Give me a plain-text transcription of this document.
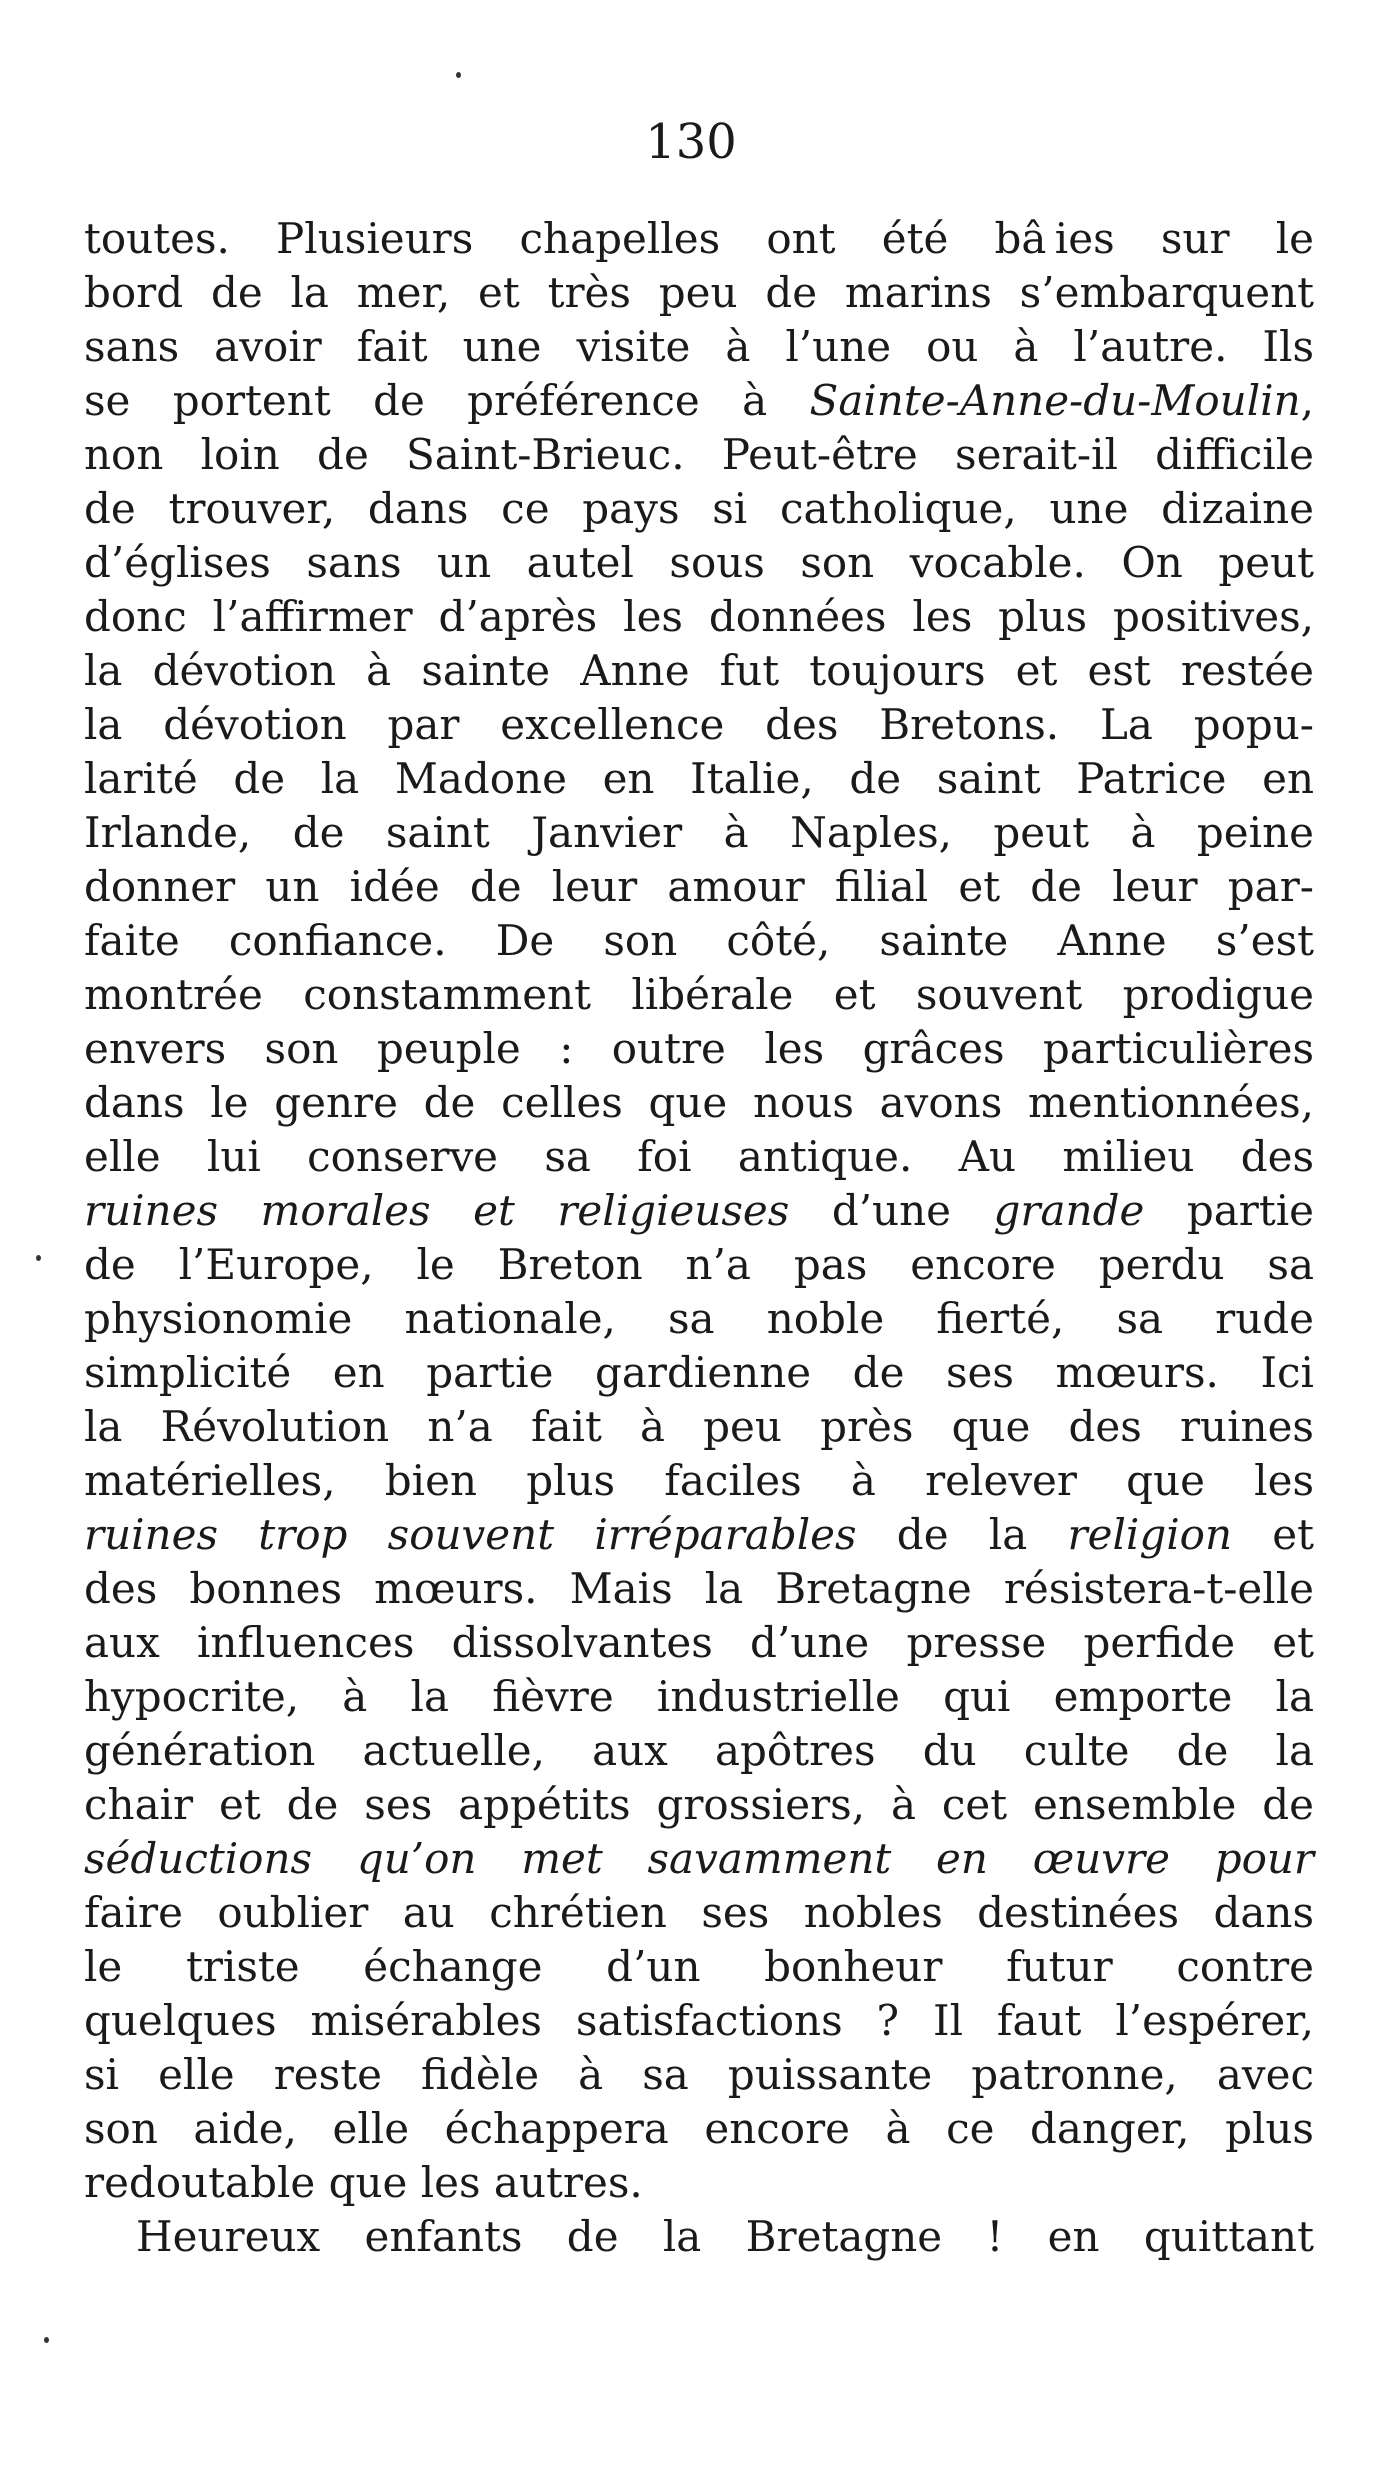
130
toutes. Plusieurs chapelles ont été bâ ies sur le
bord de la mer, et très peu de marins s’embarquent
sans avoir fait une visite à l’une ou à l’autre. Ils
se portent de préférence à Sainte-Anne-du-Moulin,
non loin de Saint-Brieuc. Peut-être serait-il difficile
de trouver, dans ce pays si catholique, une dizaine
d’églises sans un autel sous son vocable. On peut
donc l’affirmer d’après les données les plus positives,
la dévotion à sainte Anne fut toujours et est restée
la dévotion par excellence des Bretons. La popu-
larité de la Madone en Italie, de saint Patrice en
Irlande, de saint Janvier à Naples, peut à peine
donner un idée de leur amour filial et de leur par-
faite confiance. De son côté, sainte Anne s’est
montrée constamment libérale et souvent prodigue
envers son peuple : outre les grâces particulières
dans le genre de celles que nous avons mentionnées,
elle lui conserve sa foi antique. Au milieu des
ruines morales et religieuses d’une grande partie
de l’Europe, le Breton n’a pas encore perdu sa
physionomie nationale, sa noble fierté, sa rude
simplicité en partie gardienne de ses mœurs. Ici
la Révolution n’a fait à peu près que des ruines
matérielles, bien plus faciles à relever que les
ruines trop souvent irréparables de la religion et
des bonnes mœurs. Mais la Bretagne résistera-t-elle
aux influences dissolvantes d’une presse perfide et
hypocrite, à la fièvre industrielle qui emporte la
génération actuelle, aux apôtres du culte de la
chair et de ses appétits grossiers, à cet ensemble de
séductions qu’on met savamment en œuvre pour
faire oublier au chrétien ses nobles destinées dans
le triste échange d’un bonheur futur contre
quelques misérables satisfactions ? Il faut l’espérer,
si elle reste fidèle à sa puissante patronne, avec
son aide, elle échappera encore à ce danger, plus
redoutable que les autres.
Heureux enfants de la Bretagne ! en quittant
